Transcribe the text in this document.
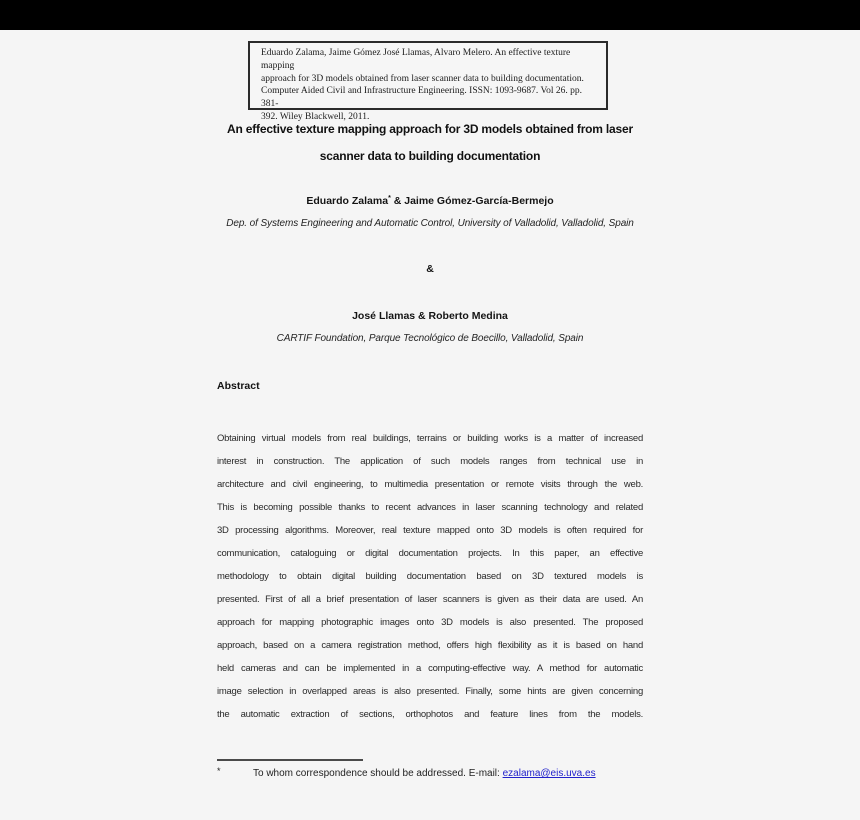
Eduardo Zalama, Jaime Gómez José Llamas, Alvaro Melero. An effective texture mapping
approach for 3D models obtained from laser scanner data to building documentation.
Computer Aided Civil and Infrastructure Engineering. ISSN: 1093-9687. Vol 26. pp. 381-
392. Wiley Blackwell, 2011.
An effective texture mapping approach for 3D models obtained from laser
scanner data to building documentation
Eduardo Zalama* & Jaime Gómez-García-Bermejo
Dep. of Systems Engineering and Automatic Control, University of Valladolid, Valladolid, Spain
&
José Llamas & Roberto Medina
CARTIF Foundation, Parque Tecnológico de Boecillo, Valladolid, Spain
Abstract
Obtaining virtual models from real buildings, terrains or building works is a matter of increased
interest in construction. The application of such models ranges from technical use in
architecture and civil engineering, to multimedia presentation or remote visits through the web.
This is becoming possible thanks to recent advances in laser scanning technology and related
3D processing algorithms. Moreover, real texture mapped onto 3D models is often required for
communication, cataloguing or digital documentation projects. In this paper, an effective
methodology to obtain digital building documentation based on 3D textured models is
presented. First of all a brief presentation of laser scanners is given as their data are used. An
approach for mapping photographic images onto 3D models is also presented. The proposed
approach, based on a camera registration method, offers high flexibility as it is based on hand
held cameras and can be implemented in a computing-effective way. A method for automatic
image selection in overlapped areas is also presented. Finally, some hints are given concerning
the automatic extraction of sections, orthophotos and feature lines from the models.
*	To whom correspondence should be addressed. E-mail: ezalama@eis.uva.es
